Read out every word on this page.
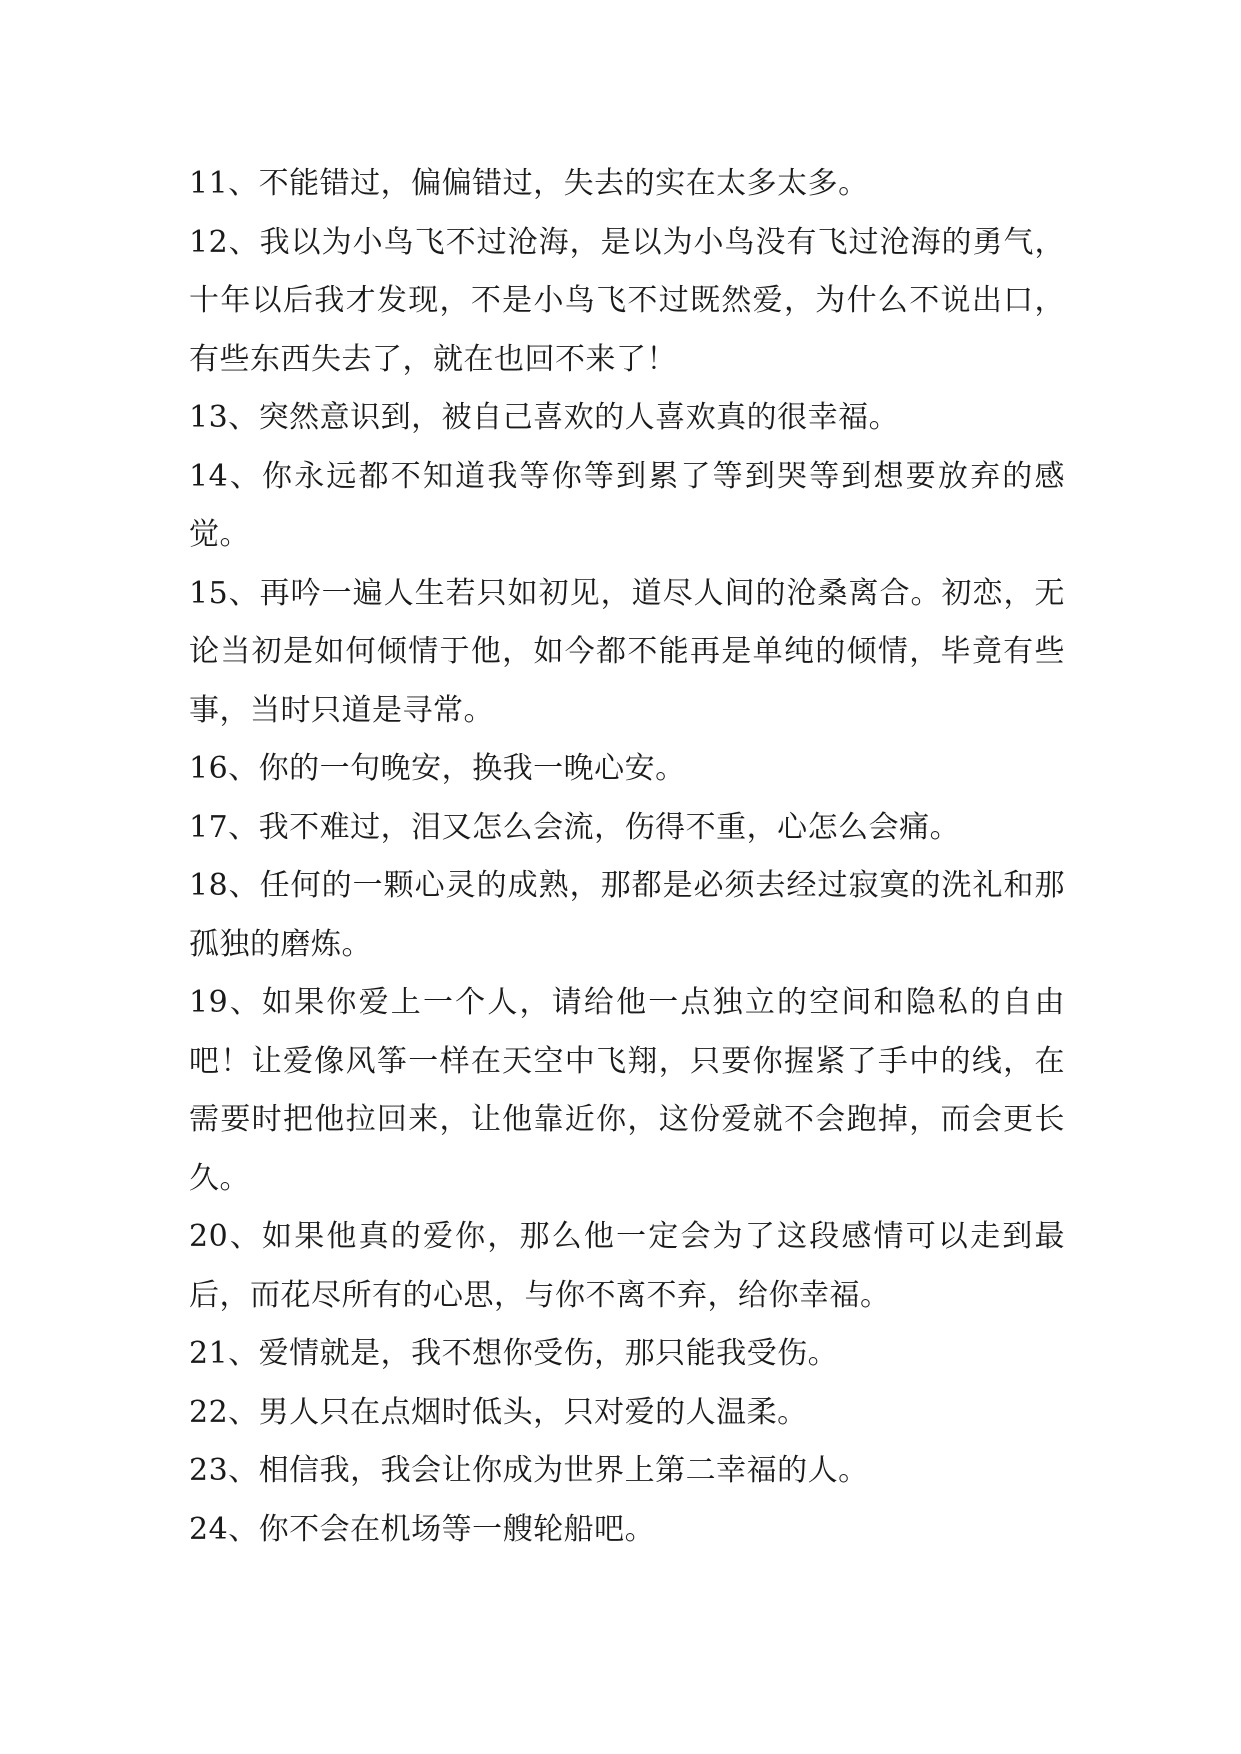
11、不能错过，偏偏错过，失去的实在太多太多。

12、我以为小鸟飞不过沧海，是以为小鸟没有飞过沧海的勇气，十年以后我才发现，不是小鸟飞不过既然爱，为什么不说出口，有些东西失去了，就在也回不来了！

13、突然意识到，被自己喜欢的人喜欢真的很幸福。

14、你永远都不知道我等你等到累了等到哭等到想要放弃的感觉。

15、再吟一遍人生若只如初见，道尽人间的沧桑离合。初恋，无论当初是如何倾情于他，如今都不能再是单纯的倾情，毕竟有些事，当时只道是寻常。

16、你的一句晚安，换我一晚心安。

17、我不难过，泪又怎么会流，伤得不重，心怎么会痛。

18、任何的一颗心灵的成熟，那都是必须去经过寂寞的洗礼和那孤独的磨炼。

19、如果你爱上一个人，请给他一点独立的空间和隐私的自由吧！让爱像风筝一样在天空中飞翔，只要你握紧了手中的线，在需要时把他拉回来，让他靠近你，这份爱就不会跑掉，而会更长久。

20、如果他真的爱你，那么他一定会为了这段感情可以走到最后，而花尽所有的心思，与你不离不弃，给你幸福。

21、爱情就是，我不想你受伤，那只能我受伤。

22、男人只在点烟时低头，只对爱的人温柔。

23、相信我，我会让你成为世界上第二幸福的人。

24、你不会在机场等一艘轮船吧。
